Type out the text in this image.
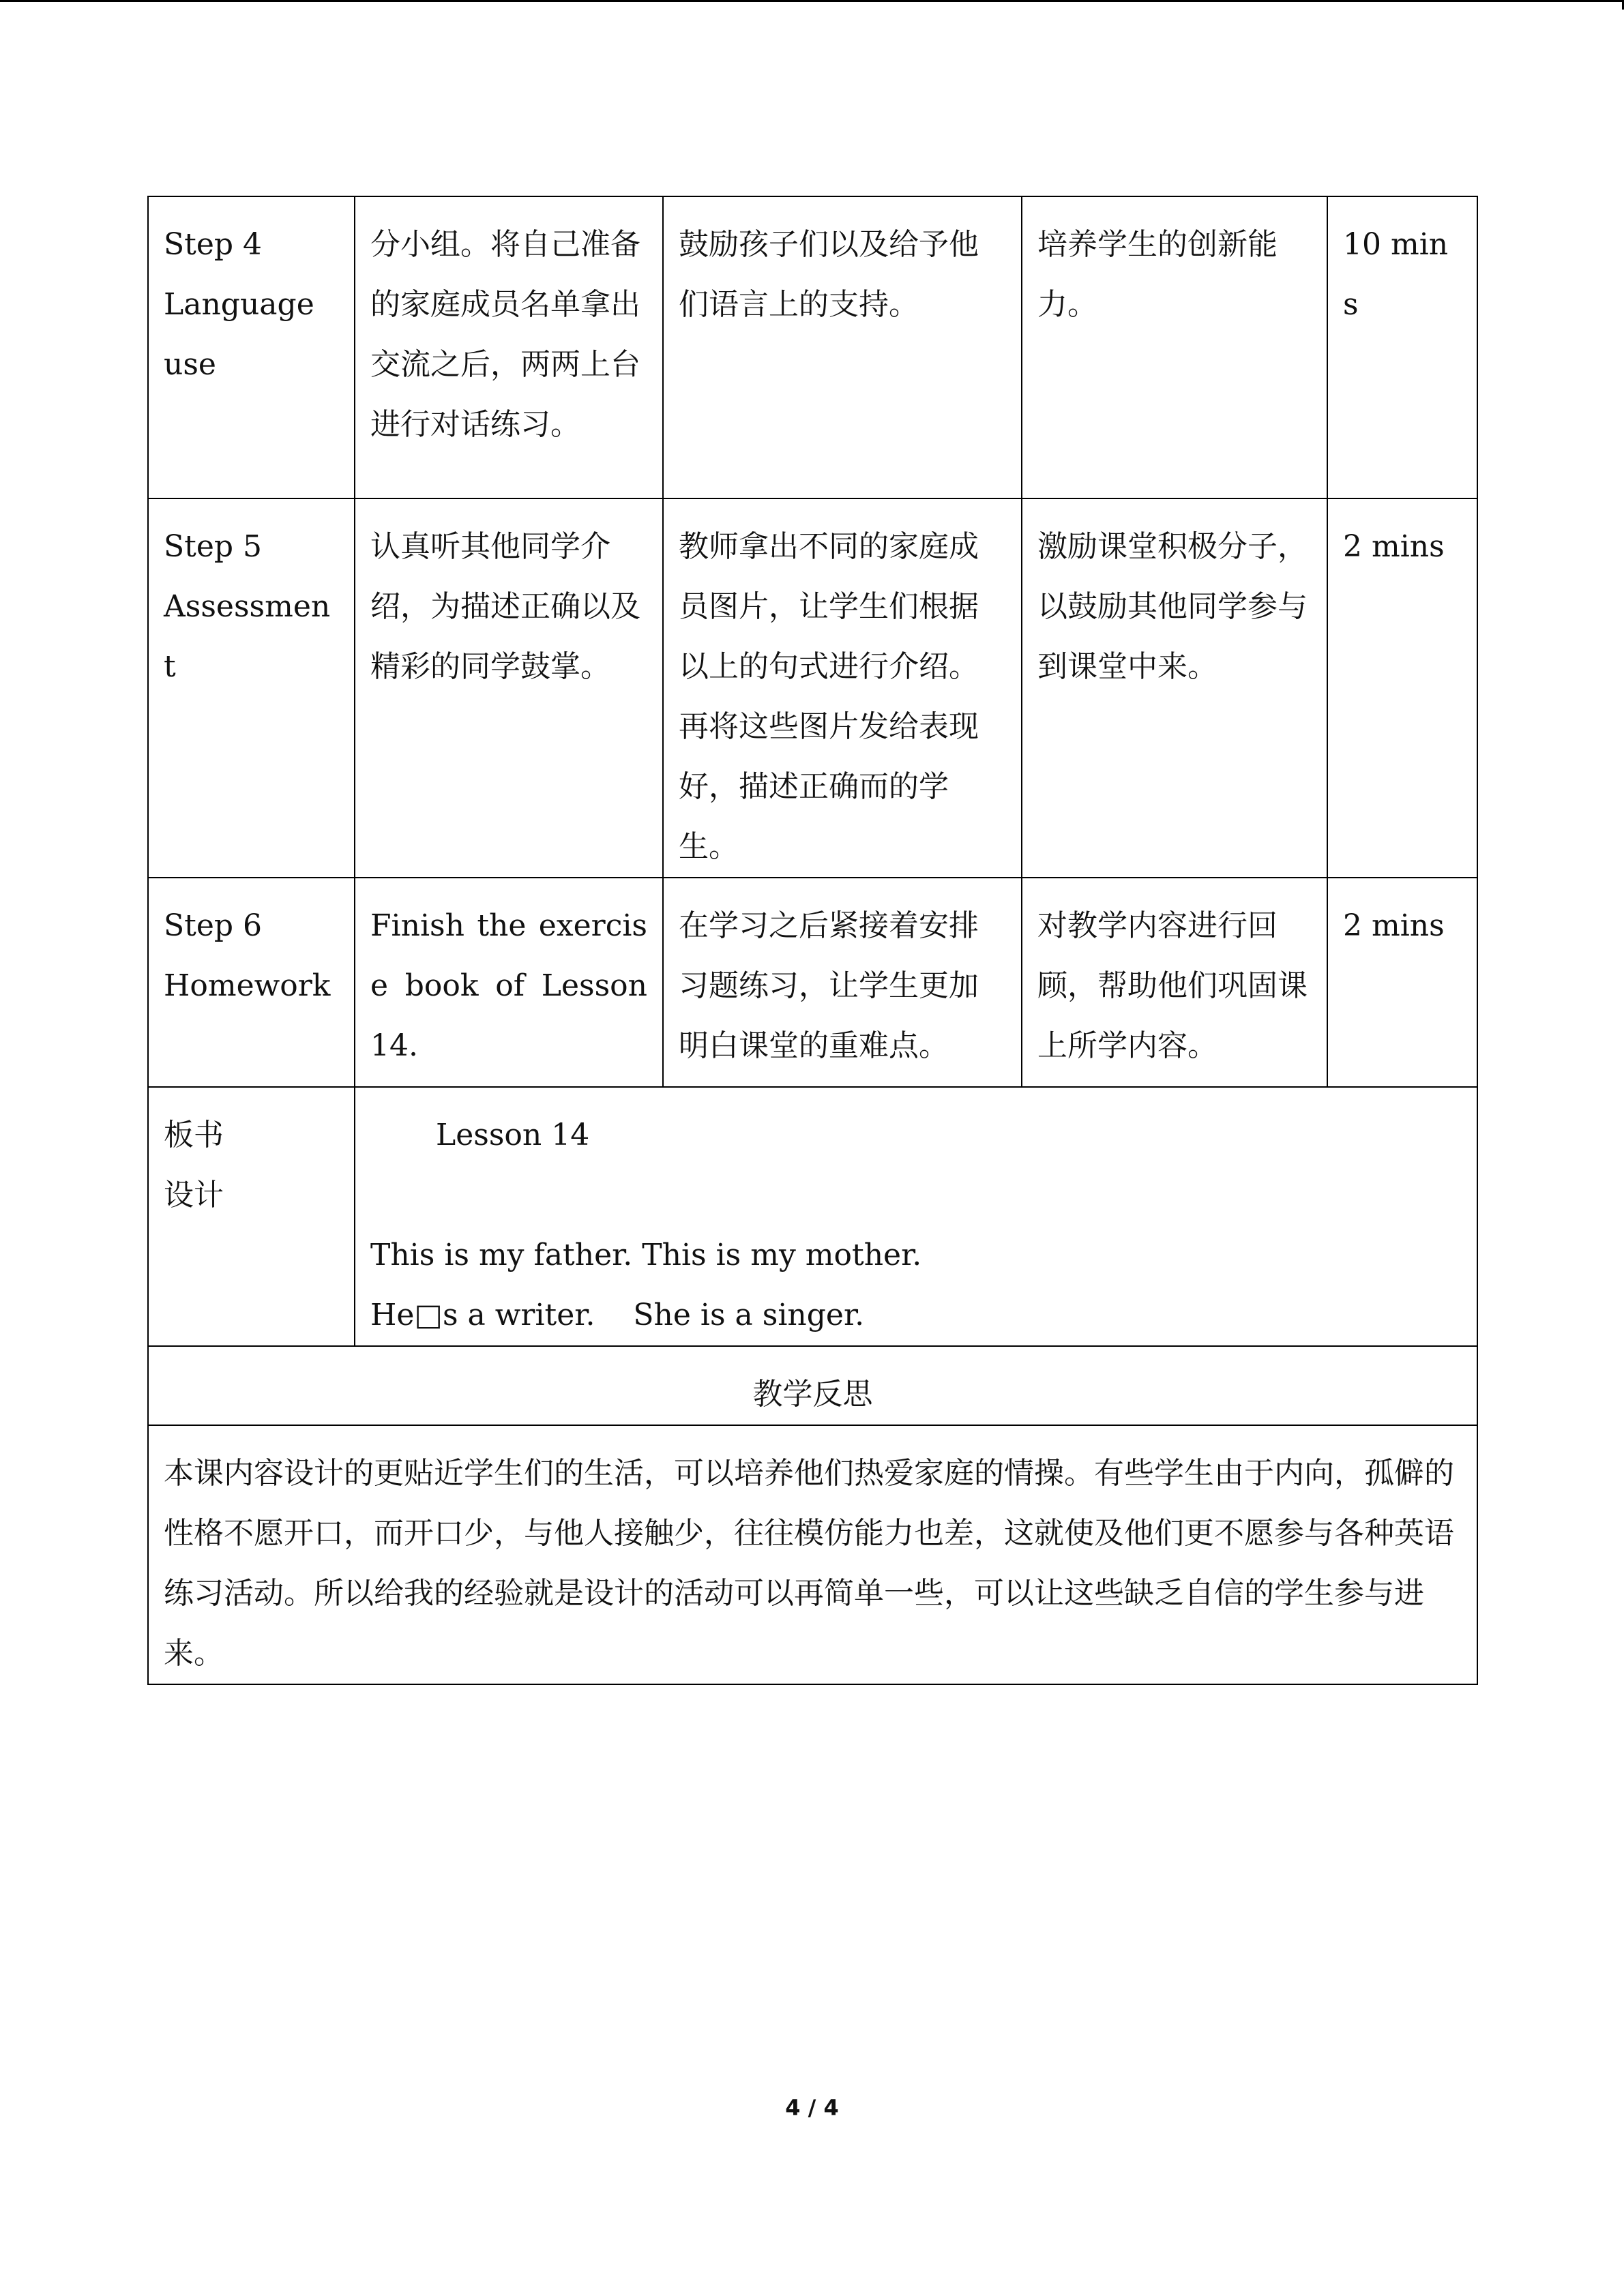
Step 4
Language
use	分小组。将自己准备的家庭成员名单拿出交流之后，两两上台进行对话练习。	鼓励孩子们以及给予他们语言上的支持。	培养学生的创新能力。	10 mins

Step 5
Assessment	认真听其他同学介绍，为描述正确以及精彩的同学鼓掌。	教师拿出不同的家庭成员图片，让学生们根据以上的句式进行介绍。再将这些图片发给表现好，描述正确而的学生。	激励课堂积极分子，以鼓励其他同学参与到课堂中来。	2 mins

Step 6
Homework	Finish the exercise book of Lesson 14.	在学习之后紧接着安排习题练习，让学生更加明白课堂的重难点。	对教学内容进行回顾，帮助他们巩固课上所学内容。	2 mins

板书
设计	Lesson 14
This is my father. This is my mother.
He□s a writer.    She is a singer.			

教学反思				

本课内容设计的更贴近学生们的生活，可以培养他们热爱家庭的情操。有些学生由于内向，孤僻的性格不愿开口，而开口少，与他人接触少，往往模仿能力也差，这就使及他们更不愿参与各种英语练习活动。所以给我的经验就是设计的活动可以再简单一些，可以让这些缺乏自信的学生参与进来。				
4 / 4
